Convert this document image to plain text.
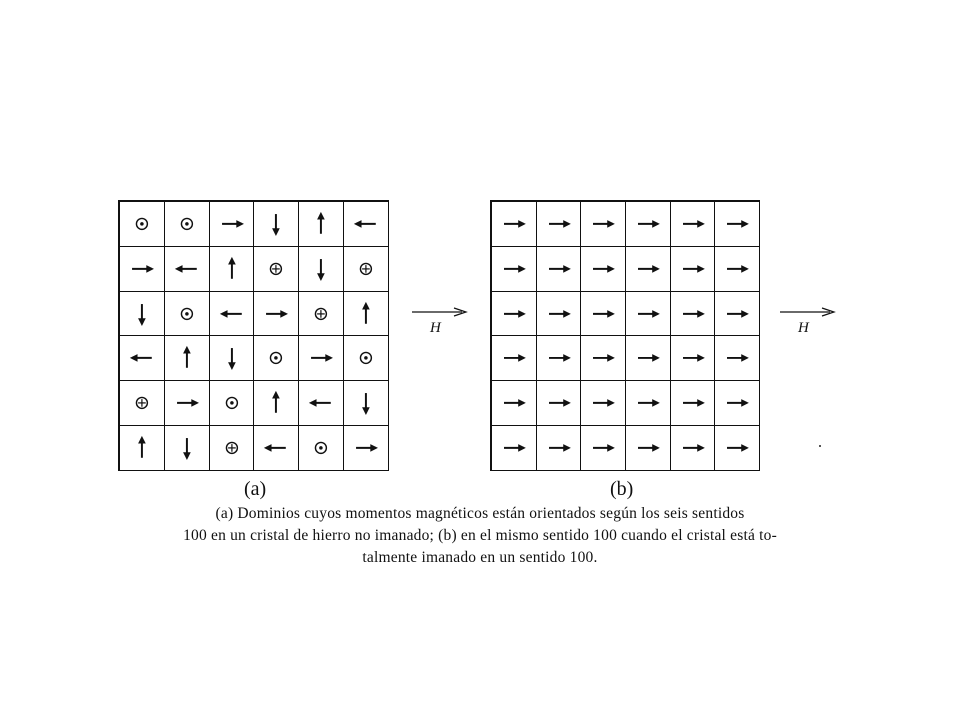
H	H
(a)	(b)
(a) Dominios cuyos momentos magnéticos están orientados según los seis sentidos
100 en un cristal de hierro no imanado; (b) en el mismo sentido 100 cuando el cristal está to-
talmente imanado en un sentido 100.
